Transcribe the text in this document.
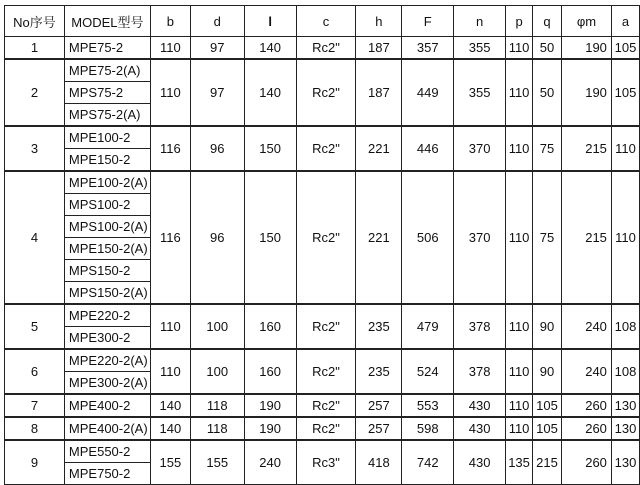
No序号	MODEL型号	b	d	l	c	h	F	n	p	q	φm	a
1	MPE75-2	110	97	140	Rc2"	187	357	355	110	50	190	105
2	MPE75-2(A)	110	97	140	Rc2"	187	449	355	110	50	190	105
	MPS75-2											
	MPS75-2(A)											
3	MPE100-2	116	96	150	Rc2"	221	446	370	110	75	215	110
	MPE150-2											
4	MPE100-2(A)	116	96	150	Rc2"	221	506	370	110	75	215	110
	MPS100-2											
	MPS100-2(A)											
	MPE150-2(A)											
	MPS150-2											
	MPS150-2(A)											
5	MPE220-2	110	100	160	Rc2"	235	479	378	110	90	240	108
	MPE300-2											
6	MPE220-2(A)	110	100	160	Rc2"	235	524	378	110	90	240	108
	MPE300-2(A)											
7	MPE400-2	140	118	190	Rc2"	257	553	430	110	105	260	130
8	MPE400-2(A)	140	118	190	Rc2"	257	598	430	110	105	260	130
9	MPE550-2	155	155	240	Rc3"	418	742	430	135	215	260	130
	MPE750-2											
